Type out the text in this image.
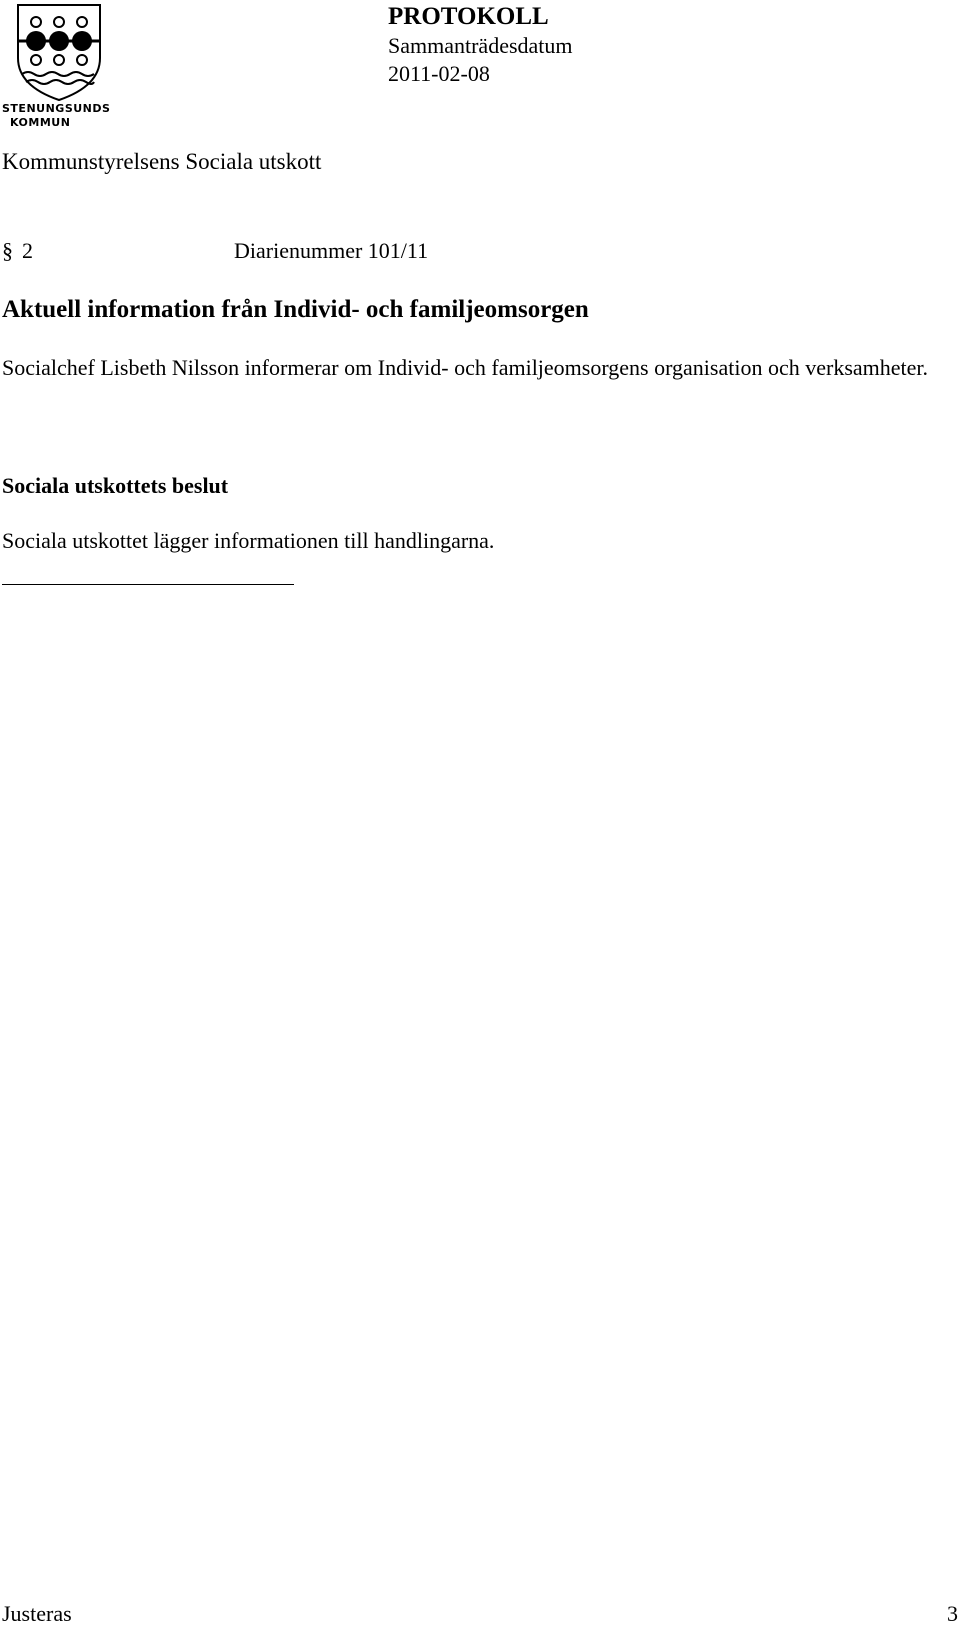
STENUNGSUNDS
KOMMUN
PROTOKOLL
Sammanträdesdatum
2011-02-08
Kommunstyrelsens Sociala utskott
§ 2	Diarienummer 101/11
Aktuell information från Individ- och familjeomsorgen
Socialchef Lisbeth Nilsson informerar om Individ- och familjeomsorgens organisation och verksamheter.
Sociala utskottets beslut
Sociala utskottet lägger informationen till handlingarna.
Justeras	3
